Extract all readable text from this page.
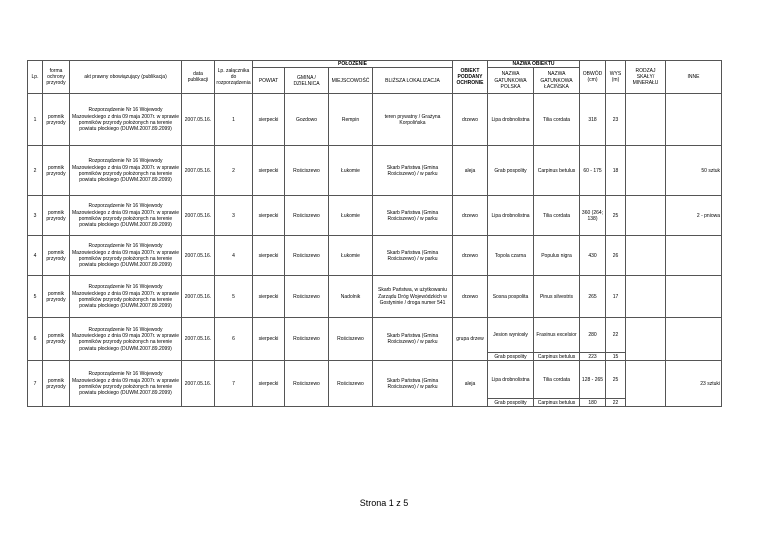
Lp.	forma ochrony przyrody	akt prawny obowiązujący (publikacja)	data publikacji	Lp. załącznika do rozporządzenia	POŁOŻENIE				OBIEKT PODDANY OCHRONIE	NAZWA OBIEKTU		OBWÓD (cm)	WYS (m)	RODZAJ SKAŁY/ MINERAŁU	INNE
					POWIAT	GMINA / DZIELNICA	MIEJSCOWOŚĆ	BLIŻSZA LOKALIZACJA		NAZWA GATUNKOWA POLSKA	NAZWA GATUNKOWA ŁACIŃSKA				

1	pomnik przyrody	Rozporządzenie Nr 16 Wojewody Mazowieckiego z dnia 09 maja 2007r. w sprawie pomników przyrody położonych na terenie powiatu płockiego (DUWM.2007.89.2099)	2007.05.16.	1	sierpecki	Gozdowo	Rempin	teren prywatny / Grażyna Korpolińska	drzewo	Lipa drobnolistna	Tilia cordata	318	23		
2	pomnik przyrody	Rozporządzenie Nr 16 Wojewody Mazowieckiego z dnia 09 maja 2007r. w sprawie pomników przyrody położonych na terenie powiatu płockiego (DUWM.2007.89.2099)	2007.05.16.	2	sierpecki	Rościszewo	Łukomie	Skarb Państwa (Gmina Rościszewo) / w parku	aleja	Grab pospolity	Carpinus betulus	60 - 175	18		50 sztuk
3	pomnik przyrody	Rozporządzenie Nr 16 Wojewody Mazowieckiego z dnia 09 maja 2007r. w sprawie pomników przyrody położonych na terenie powiatu płockiego (DUWM.2007.89.2099)	2007.05.16.	3	sierpecki	Rościszewo	Łukomie	Skarb Państwa (Gmina Rościszewo) / w parku	drzewo	Lipa drobnolistna	Tilia cordata	360 (264; 138)	25		2 - pniowa
4	pomnik przyrody	Rozporządzenie Nr 16 Wojewody Mazowieckiego z dnia 09 maja 2007r. w sprawie pomników przyrody położonych na terenie powiatu płockiego (DUWM.2007.89.2099)	2007.05.16.	4	sierpecki	Rościszewo	Łukomie	Skarb Państwa (Gmina Rościszewo) / w parku	drzewo	Topola czarna	Populus nigra	430	26		
5	pomnik przyrody	Rozporządzenie Nr 16 Wojewody Mazowieckiego z dnia 09 maja 2007r. w sprawie pomników przyrody położonych na terenie powiatu płockiego (DUWM.2007.89.2099)	2007.05.16.	5	sierpecki	Rościszewo	Nadolnik	Skarb Państwa, w użytkowaniu Zarządu Dróg Wojewódzkich w Gostyninie / droga numer 541	drzewo	Sosna pospolita	Pinus silvestris	265	17		
6	pomnik przyrody	Rozporządzenie Nr 16 Wojewody Mazowieckiego z dnia 09 maja 2007r. w sprawie pomników przyrody położonych na terenie powiatu płockiego (DUWM.2007.89.2099)	2007.05.16.	6	sierpecki	Rościszewo	Rościszewo	Skarb Państwa (Gmina Rościszewo) / w parku	grupa drzew	Jesion wyniosły	Fraxinus excelsior	280	22		
										Grab pospolity	Carpinus betulus	223	15		
7	pomnik przyrody	Rozporządzenie Nr 16 Wojewody Mazowieckiego z dnia 09 maja 2007r. w sprawie pomników przyrody położonych na terenie powiatu płockiego (DUWM.2007.89.2099)	2007.05.16.	7	sierpecki	Rościszewo	Rościszewo	Skarb Państwa (Gmina Rościszewo) / w parku	aleja	Lipa drobnolistna	Tilia cordata	128 - 265	25		23 sztuki
										Grab pospolity	Carpinus betulus	180	22		
Strona 1 z 5
